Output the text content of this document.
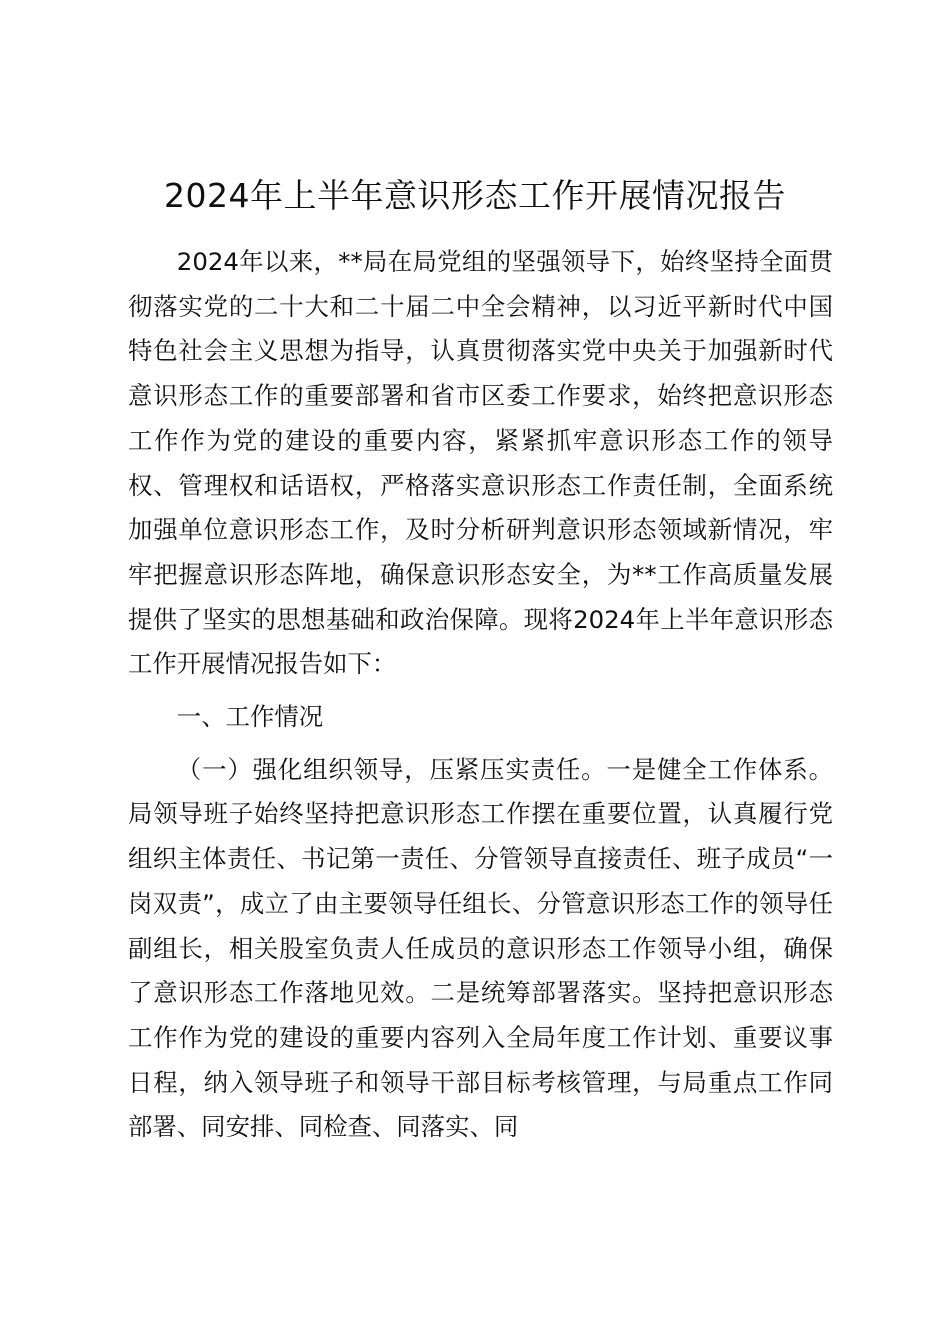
2024年上半年意识形态工作开展情况报告

2024年以来，**局在局党组的坚强领导下，始终坚持全面贯彻落实党的二十大和二十届二中全会精神，以习近平新时代中国特色社会主义思想为指导，认真贯彻落实党中央关于加强新时代意识形态工作的重要部署和省市区委工作要求，始终把意识形态工作作为党的建设的重要内容，紧紧抓牢意识形态工作的领导权、管理权和话语权，严格落实意识形态工作责任制，全面系统加强单位意识形态工作，及时分析研判意识形态领域新情况，牢牢把握意识形态阵地，确保意识形态安全，为**工作高质量发展提供了坚实的思想基础和政治保障。现将2024年上半年意识形态工作开展情况报告如下：

一、工作情况

（一）强化组织领导，压紧压实责任。一是健全工作体系。局领导班子始终坚持把意识形态工作摆在重要位置，认真履行党组织主体责任、书记第一责任、分管领导直接责任、班子成员“一岗双责”，成立了由主要领导任组长、分管意识形态工作的领导任副组长，相关股室负责人任成员的意识形态工作领导小组，确保了意识形态工作落地见效。二是统筹部署落实。坚持把意识形态工作作为党的建设的重要内容列入全局年度工作计划、重要议事日程，纳入领导班子和领导干部目标考核管理，与局重点工作同部署、同安排、同检查、同落实、同
